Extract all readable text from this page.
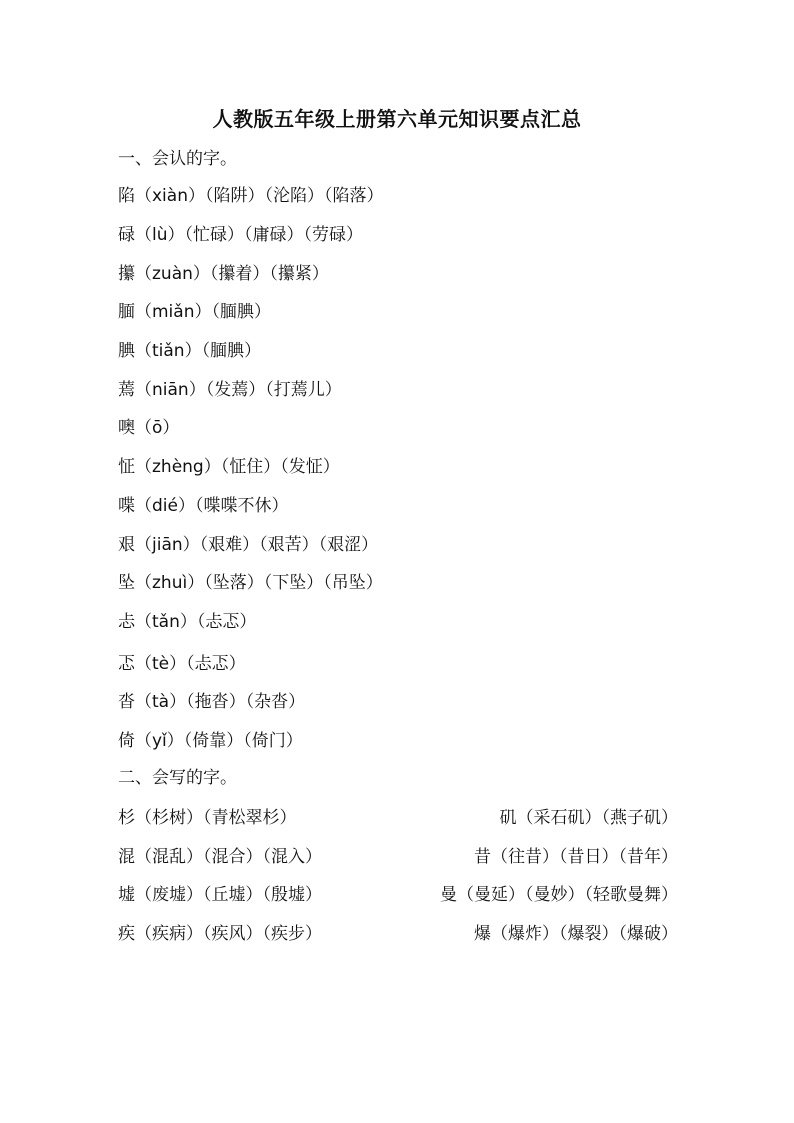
人教版五年级上册第六单元知识要点汇总
一、会认的字。
陷（xiàn）（陷阱）（沦陷）（陷落）
碌（lù）（忙碌）（庸碌）（劳碌）
攥（zuàn）（攥着）（攥紧）
腼（miǎn）（腼腆）
腆（tiǎn）（腼腆）
蔫（niān）（发蔫）（打蔫儿）
噢（ō）
怔（zhèng）（怔住）（发怔）
喋（dié）（喋喋不休）
艰（jiān）（艰难）（艰苦）（艰涩）
坠（zhuì）（坠落）（下坠）（吊坠）
忐（tǎn）（忐忑）
忑（tè）（忐忑）
沓（tà）（拖沓）（杂沓）
倚（yǐ）（倚靠）（倚门）
二、会写的字。
杉（杉树）（青松翠杉）	矶（采石矶）（燕子矶）
混（混乱）（混合）（混入）	昔（往昔）（昔日）（昔年）
墟（废墟）（丘墟）（殷墟）	曼（曼延）（曼妙）（轻歌曼舞）
疾（疾病）（疾风）（疾步）	爆（爆炸）（爆裂）（爆破）
